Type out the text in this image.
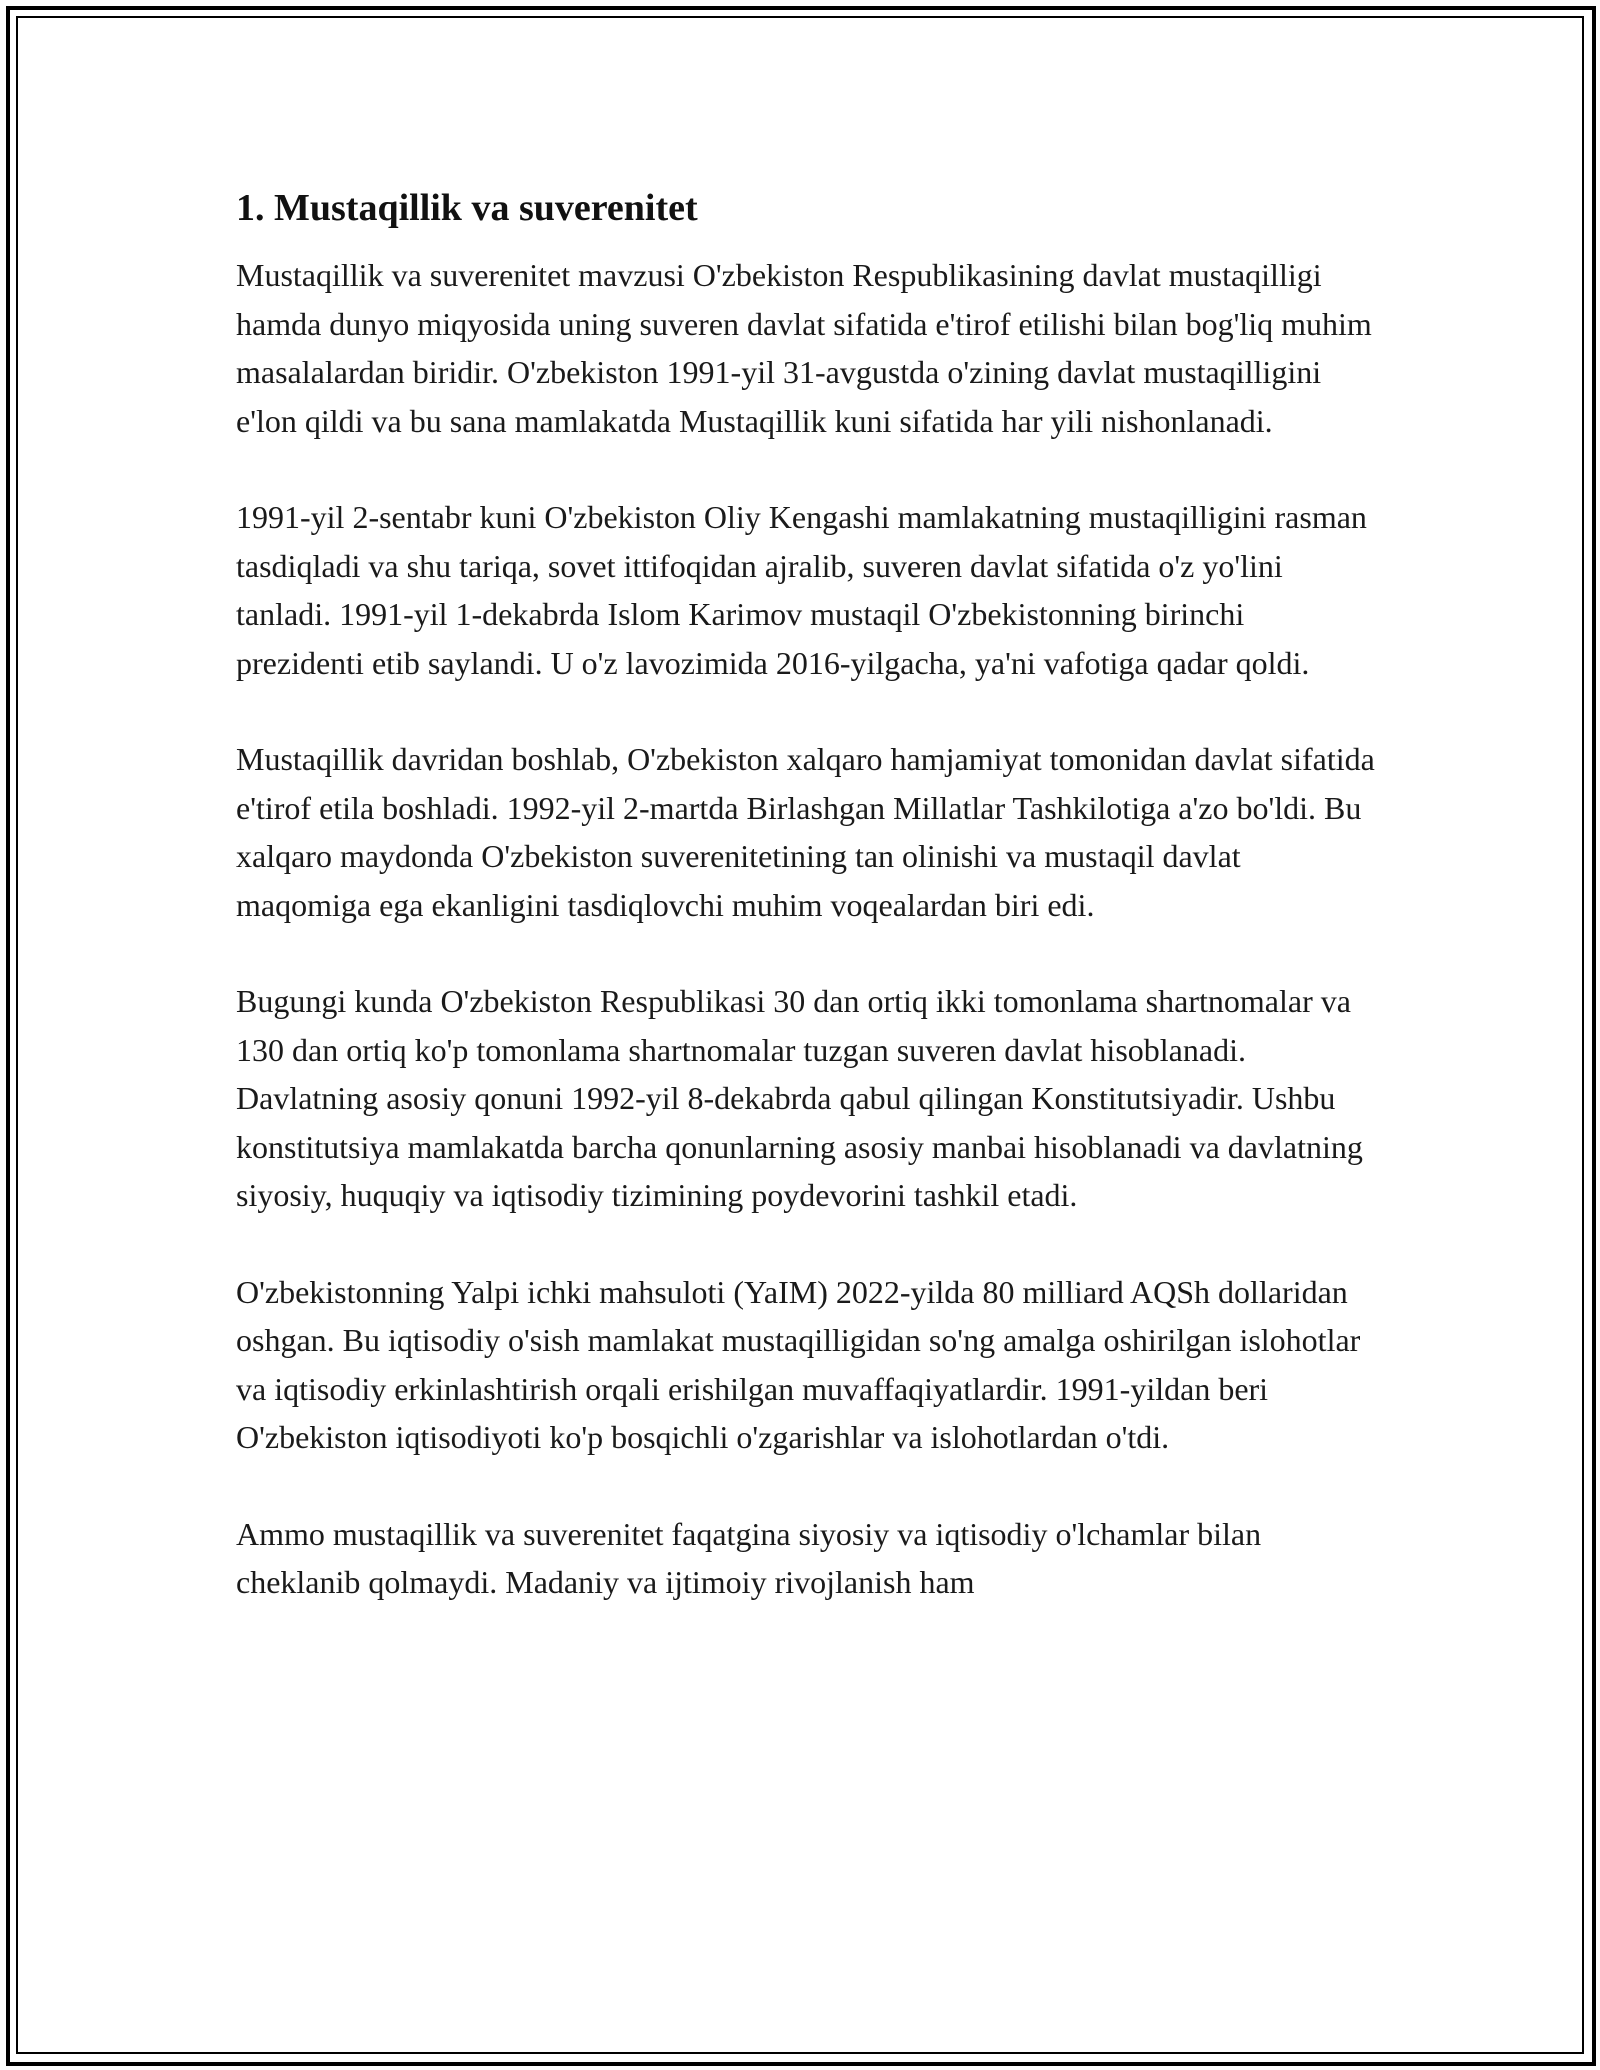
1. Mustaqillik va suverenitet

Mustaqillik va suverenitet mavzusi O'zbekiston Respublikasining davlat mustaqilligi hamda dunyo miqyosida uning suveren davlat sifatida e'tirof etilishi bilan bog'liq muhim masalalardan biridir. O'zbekiston 1991-yil 31-avgustda o'zining davlat mustaqilligini e'lon qildi va bu sana mamlakatda Mustaqillik kuni sifatida har yili nishonlanadi.

1991-yil 2-sentabr kuni O'zbekiston Oliy Kengashi mamlakatning mustaqilligini rasman tasdiqladi va shu tariqa, sovet ittifoqidan ajralib, suveren davlat sifatida o'z yo'lini tanladi. 1991-yil 1-dekabrda Islom Karimov mustaqil O'zbekistonning birinchi prezidenti etib saylandi. U o'z lavozimida 2016-yilgacha, ya'ni vafotiga qadar qoldi.

Mustaqillik davridan boshlab, O'zbekiston xalqaro hamjamiyat tomonidan davlat sifatida e'tirof etila boshladi. 1992-yil 2-martda Birlashgan Millatlar Tashkilotiga a'zo bo'ldi. Bu xalqaro maydonda O'zbekiston suverenitetining tan olinishi va mustaqil davlat maqomiga ega ekanligini tasdiqlovchi muhim voqealardan biri edi.

Bugungi kunda O'zbekiston Respublikasi 30 dan ortiq ikki tomonlama shartnomalar va 130 dan ortiq ko'p tomonlama shartnomalar tuzgan suveren davlat hisoblanadi. Davlatning asosiy qonuni 1992-yil 8-dekabrda qabul qilingan Konstitutsiyadir. Ushbu konstitutsiya mamlakatda barcha qonunlarning asosiy manbai hisoblanadi va davlatning siyosiy, huquqiy va iqtisodiy tizimining poydevorini tashkil etadi.

O'zbekistonning Yalpi ichki mahsuloti (YaIM) 2022-yilda 80 milliard AQSh dollaridan oshgan. Bu iqtisodiy o'sish mamlakat mustaqilligidan so'ng amalga oshirilgan islohotlar va iqtisodiy erkinlashtirish orqali erishilgan muvaffaqiyatlardir. 1991-yildan beri O'zbekiston iqtisodiyoti ko'p bosqichli o'zgarishlar va islohotlardan o'tdi.

Ammo mustaqillik va suverenitet faqatgina siyosiy va iqtisodiy o'lchamlar bilan cheklanib qolmaydi. Madaniy va ijtimoiy rivojlanish ham
